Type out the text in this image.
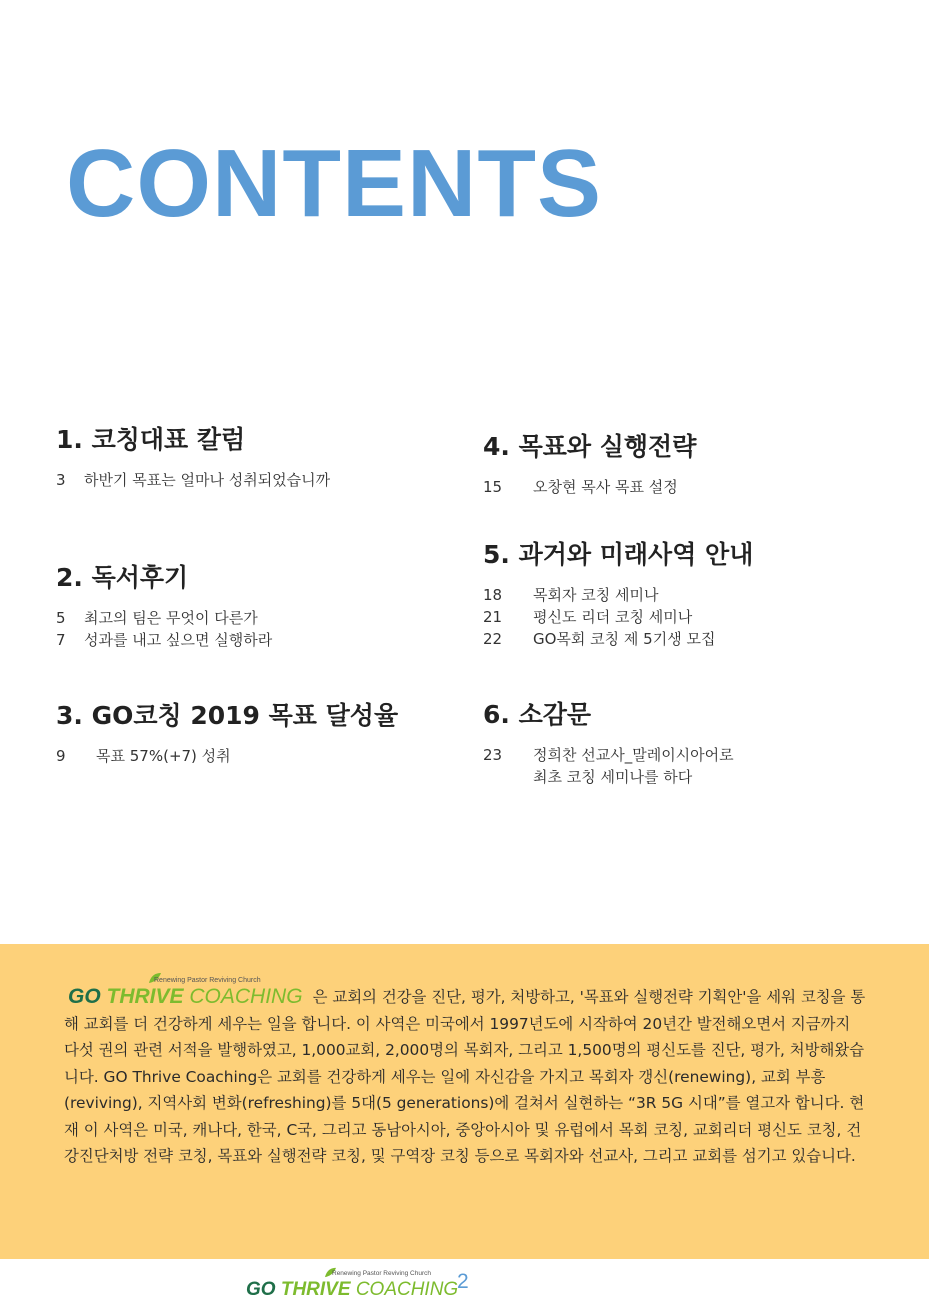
CONTENTS
1. 코칭대표 칼럼
3	하반기 목표는 얼마나 성취되었습니까
2. 독서후기
5	최고의 팀은 무엇이 다른가
7	성과를 내고 싶으면 실행하라
3. GO코칭 2019 목표 달성율
9	목표 57%(+7) 성취
4. 목표와 실행전략
15	오창현 목사 목표 설정
5. 과거와 미래사역 안내
18	목회자 코칭 세미나
21	평신도 리더 코칭 세미나
22	GO목회 코칭 제 5기생 모집
6. 소감문
23	정희찬 선교사_말레이시아어로
최초 코칭 세미나를 하다
Renewing Pastor Reviving Church
GO THRIVE COACHING 은 교회의 건강을 진단, 평가, 처방하고, '목표와 실행전략 기획안'을 세워 코칭을 통해 교회를 더 건강하게 세우는 일을 합니다. 이 사역은 미국에서 1997년도에 시작하여 20년간 발전해오면서 지금까지 다섯 권의 관련 서적을 발행하였고, 1,000교회, 2,000명의 목회자, 그리고 1,500명의 평신도를 진단, 평가, 처방해왔습니다. GO Thrive Coaching은 교회를 건강하게 세우는 일에 자신감을 가지고 목회자 갱신(renewing), 교회 부흥(reviving), 지역사회 변화(refreshing)를 5대(5 generations)에 걸쳐서 실현하는 “3R 5G 시대”를 열고자 합니다. 현재 이 사역은 미국, 캐나다, 한국, C국, 그리고 동남아시아, 중앙아시아 및 유럽에서 목회 코칭, 교회리더 평신도 코칭, 건강진단처방 전략 코칭, 목표와 실행전략 코칭, 및 구역장 코칭 등으로 목회자와 선교사, 그리고 교회를 섬기고 있습니다.
Renewing Pastor Reviving Church
GO THRIVE COACHING
2
